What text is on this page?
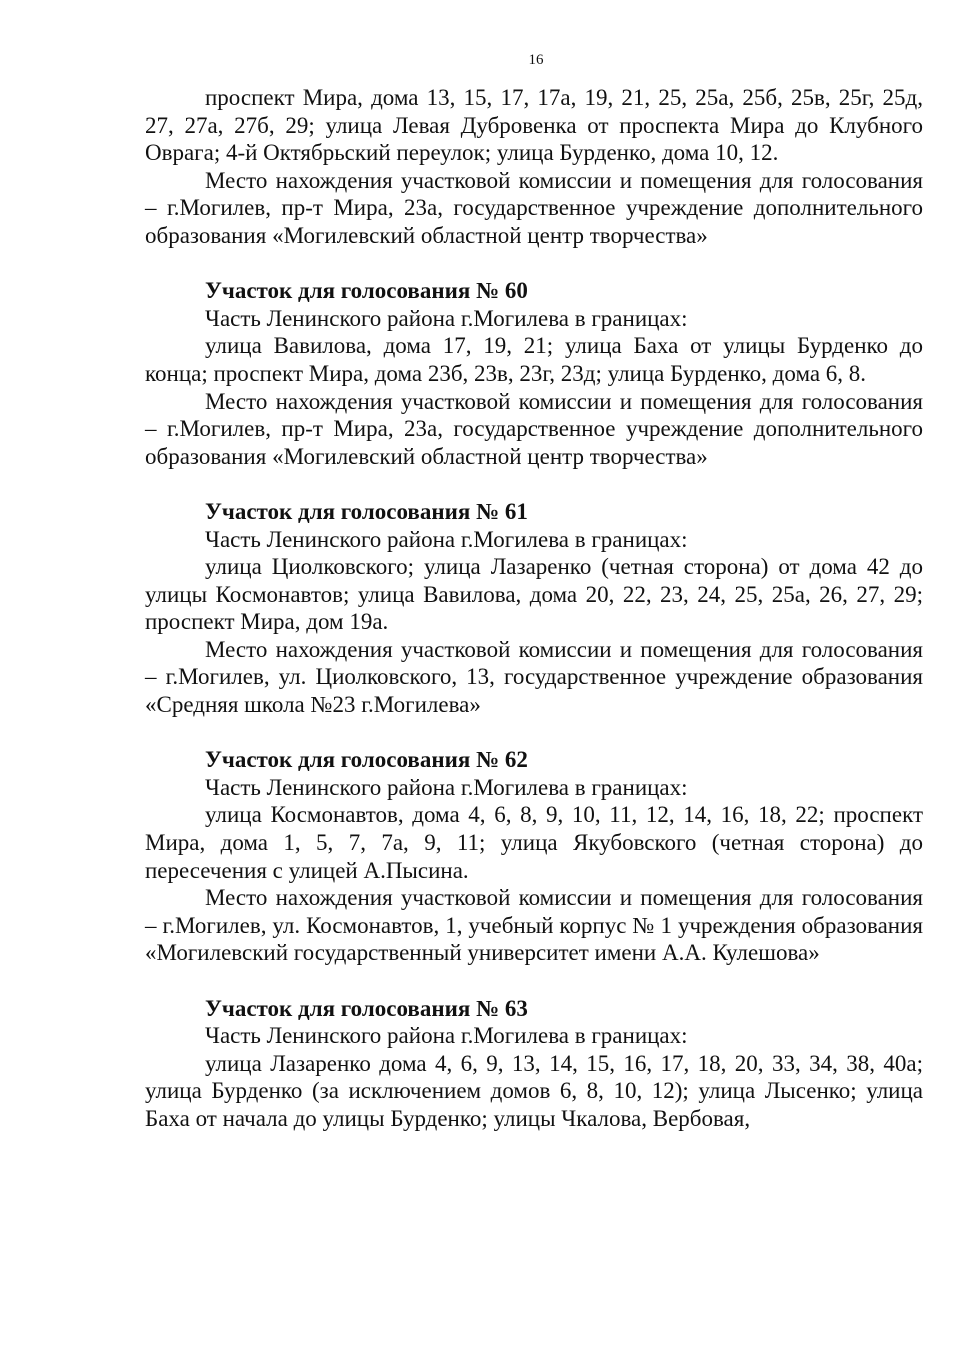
16

проспект Мира, дома 13, 15, 17, 17а, 19, 21, 25, 25а, 25б, 25в, 25г, 25д, 27, 27а, 27б, 29; улица Левая Дубровенка от проспекта Мира до Клубного Оврага; 4-й Октябрьский переулок; улица Бурденко, дома 10, 12.

Место нахождения участковой комиссии и помещения для голосования – г.Могилев, пр-т Мира, 23а, государственное учреждение дополнительного образования «Могилевский областной центр творчества»

Участок для голосования № 60

Часть Ленинского района г.Могилева в границах:

улица Вавилова, дома 17, 19, 21; улица Баха от улицы Бурденко до конца; проспект Мира, дома 23б, 23в, 23г, 23д; улица Бурденко, дома 6, 8.

Место нахождения участковой комиссии и помещения для голосования – г.Могилев, пр-т Мира, 23а, государственное учреждение дополнительного образования «Могилевский областной центр творчества»

Участок для голосования № 61

Часть Ленинского района г.Могилева в границах:

улица Циолковского; улица Лазаренко (четная сторона) от дома 42 до улицы Космонавтов; улица Вавилова, дома 20, 22, 23, 24, 25, 25а, 26, 27, 29; проспект Мира, дом 19а.

Место нахождения участковой комиссии и помещения для голосования – г.Могилев, ул. Циолковского, 13, государственное учреждение образования «Средняя школа №23 г.Могилева»

Участок для голосования № 62

Часть Ленинского района г.Могилева в границах:

улица Космонавтов, дома 4, 6, 8, 9, 10, 11, 12, 14, 16, 18, 22; проспект Мира, дома 1, 5, 7, 7а, 9, 11; улица Якубовского (четная сторона) до пересечения с улицей А.Пысина.

Место нахождения участковой комиссии и помещения для голосования – г.Могилев, ул. Космонавтов, 1, учебный корпус № 1 учреждения образования «Могилевский государственный университет имени А.А. Кулешова»

Участок для голосования № 63

Часть Ленинского района г.Могилева в границах:

улица Лазаренко дома 4, 6, 9, 13, 14, 15, 16, 17, 18, 20, 33, 34, 38, 40а; улица Бурденко (за исключением домов 6, 8, 10, 12); улица Лысенко; улица Баха от начала до улицы Бурденко; улицы Чкалова, Вербовая,
